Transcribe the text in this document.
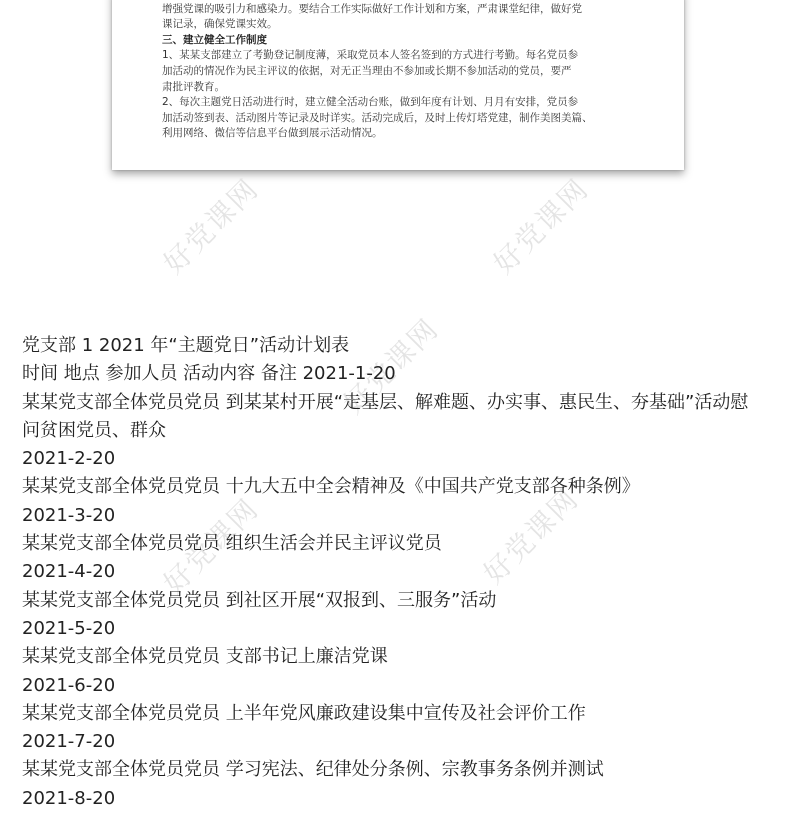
增强党课的吸引力和感染力。要结合工作实际做好工作计划和方案，严肃课堂纪律，做好党
课记录，确保党课实效。
三、建立健全工作制度
1、某某支部建立了考勤登记制度薄，采取党员本人签名签到的方式进行考勤。每名党员参
加活动的情况作为民主评议的依据，对无正当理由不参加或长期不参加活动的党员，要严
肃批评教育。
2、每次主题党日活动进行时，建立健全活动台账，做到年度有计划、月月有安排，党员参
加活动签到表、活动图片等记录及时详实。活动完成后，及时上传灯塔党建，制作美图美篇、
利用网络、微信等信息平台做到展示活动情况。
好党课网	好党课网
好党课网
好党课网	好党课网
党支部 1 2021 年“主题党日”活动计划表
时间 地点 参加人员 活动内容 备注 2021-1-20
某某党支部全体党员党员 到某某村开展“走基层、解难题、办实事、惠民生、夯基础”活动慰
问贫困党员、群众
2021-2-20
某某党支部全体党员党员 十九大五中全会精神及《中国共产党支部各种条例》
2021-3-20
某某党支部全体党员党员 组织生活会并民主评议党员
2021-4-20
某某党支部全体党员党员 到社区开展“双报到、三服务”活动
2021-5-20
某某党支部全体党员党员 支部书记上廉洁党课
2021-6-20
某某党支部全体党员党员 上半年党风廉政建设集中宣传及社会评价工作
2021-7-20
某某党支部全体党员党员 学习宪法、纪律处分条例、宗教事务条例并测试
2021-8-20
